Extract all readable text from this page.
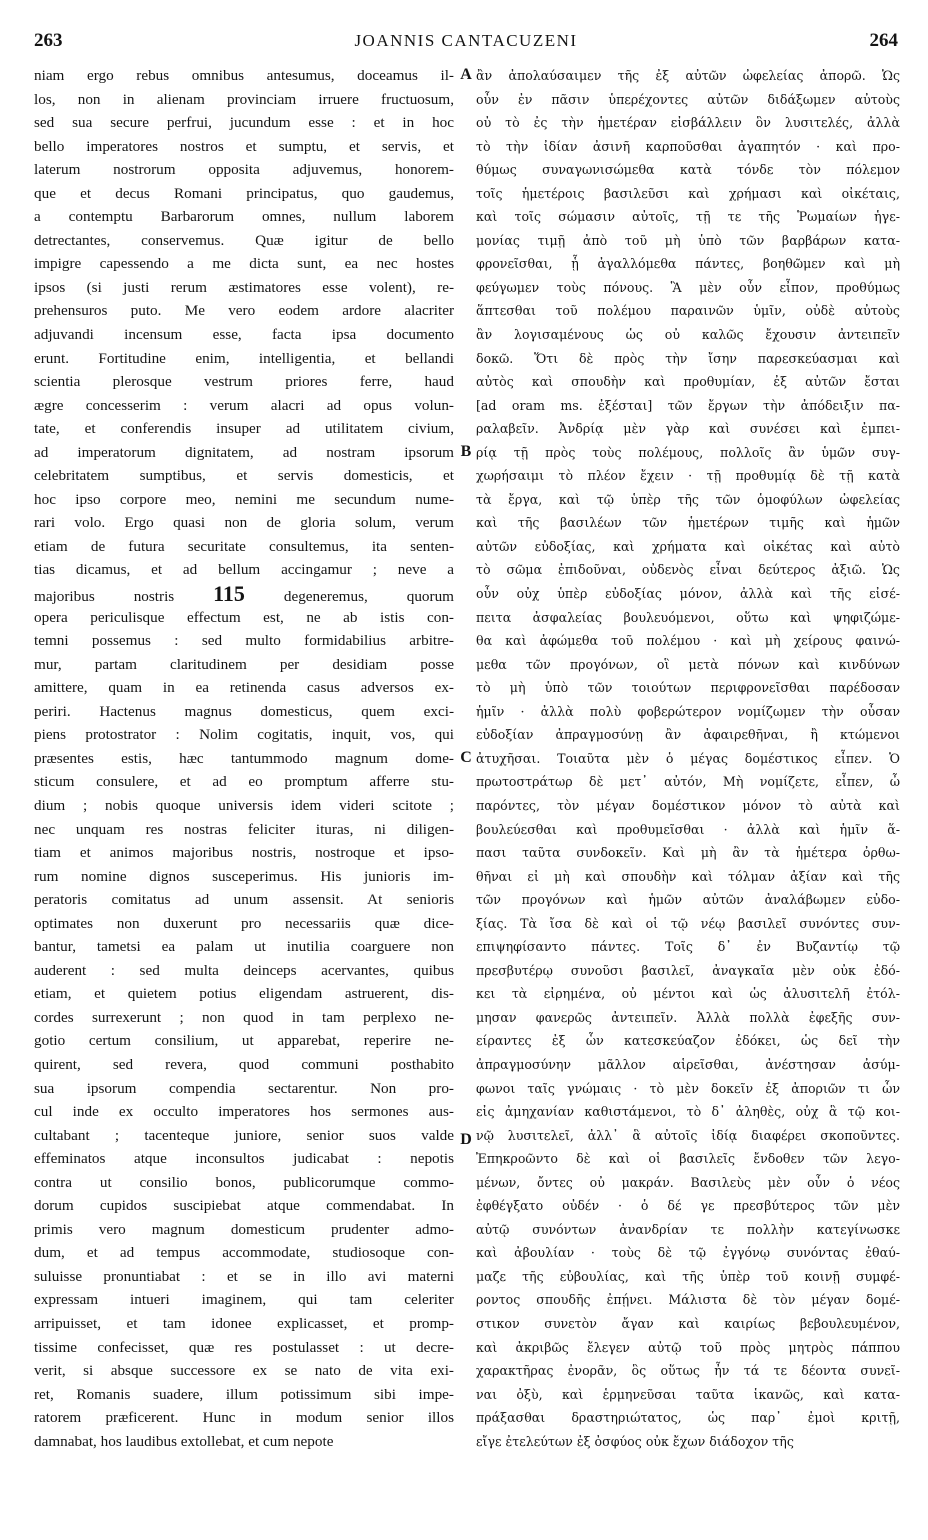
263	JOANNIS CANTACUZENI	264
niam ergo rebus omnibus antesumus, doceamus il-
los, non in alienam provinciam irruere fructuosum,
sed sua secure perfrui, jucundum esse : et in hoc
bello imperatores nostros et sumptu, et servis, et
laterum nostrorum opposita adjuvemus, honorem-
que et decus Romani principatus, quo gaudemus,
a contemptu Barbarorum omnes, nullum laborem
detrectantes, conservemus. Quæ igitur de bello
impigre capessendo a me dicta sunt, ea nec hostes
ipsos (si justi rerum æstimatores esse volent), re-
prehensuros puto. Me vero eodem ardore alacriter
adjuvandi incensum esse, facta ipsa documento
erunt. Fortitudine enim, intelligentia, et bellandi
scientia plerosque vestrum priores ferre, haud
ægre concesserim : verum alacri ad opus volun-
tate, et conferendis insuper ad utilitatem civium,
ad imperatorum dignitatem, ad nostram ipsorum
celebritatem sumptibus, et servis domesticis, et
hoc ipso corpore meo, nemini me secundum nume-
rari volo. Ergo quasi non de gloria solum, verum
etiam de futura securitate consultemus, ita senten-
tias dicamus, et ad bellum accingamur ; neve a
majoribus nostris 115 degeneremus, quorum
opera periculisque effectum est, ne ab istis con-
temni possemus : sed multo formidabilius arbitre-
mur, partam claritudinem per desidiam posse
amittere, quam in ea retinenda casus adversos ex-
periri. Hactenus magnus domesticus, quem exci-
piens protostrator : Nolim cogitatis, inquit, vos, qui
præsentes estis, hæc tantummodo magnum dome-
sticum consulere, et ad eo promptum afferre stu-
dium ; nobis quoque universis idem videri scitote ;
nec unquam res nostras feliciter ituras, ni diligen-
tiam et animos majoribus nostris, nostroque et ipso-
rum nomine dignos susceperimus. His junioris im-
peratoris comitatus ad unum assensit. At senioris
optimates non duxerunt pro necessariis quæ dice-
bantur, tametsi ea palam ut inutilia coarguere non
auderent : sed multa deinceps acervantes, quibus
etiam, et quietem potius eligendam astruerent, dis-
cordes surrexerunt ; non quod in tam perplexo ne-
gotio certum consilium, ut apparebat, reperire ne-
quirent, sed revera, quod communi posthabito
sua ipsorum compendia sectarentur. Non pro-
cul inde ex occulto imperatores hos sermones aus-
cultabant ; tacenteque juniore, senior suos valde
effeminatos atque inconsultos judicabat : nepotis
contra ut consilio bonos, publicorumque commo-
dorum cupidos suscipiebat atque commendabat. In
primis vero magnum domesticum prudenter admo-
dum, et ad tempus accommodate, studiosoque con-
suluisse pronuntiabat : et se in illo avi materni
expressam intueri imaginem, qui tam celeriter
arripuisset, et tam idonee explicasset, et promp-
tissime confecisset, quæ res postulasset : ut decre-
verit, si absque successore ex se nato de vita exi-
ret, Romanis suadere, illum potissimum sibi impe-
ratorem præficerent. Hunc in modum senior illos
damnabat, hos laudibus extollebat, et cum nepote
ἂν ἀπολαύσαιμεν τῆς ἐξ αὐτῶν ὠφελείας ἀπορῶ. Ὡς
οὖν ἐν πᾶσιν ὑπερέχοντες αὐτῶν διδάξωμεν αὐτοὺς
οὐ τὸ ἐς τὴν ἡμετέραν εἰσβάλλειν ὃν λυσιτελές, ἀλλὰ
τὸ τὴν ἰδίαν ἀσινῆ καρποῦσθαι ἀγαπητόν · καὶ προ-
θύμως συναγωνισώμεθα κατὰ τόνδε τὸν πόλεμον
τοῖς ἡμετέροις βασιλεῦσι καὶ χρήμασι καὶ οἰκέταις,
καὶ τοῖς σώμασιν αὐτοῖς, τῇ τε τῆς Ῥωμαίων ἡγε-
μονίας τιμῇ ἀπὸ τοῦ μὴ ὑπὸ τῶν βαρβάρων κατα-
φρονεῖσθαι, ᾗ ἀγαλλόμεθα πάντες, βοηθῶμεν καὶ μὴ
φεύγωμεν τοὺς πόνους. Ἃ μὲν οὖν εἶπον, προθύμως
ἅπτεσθαι τοῦ πολέμου παραινῶν ὑμῖν, οὐδὲ αὐτοὺς
ἂν λογισαμένους ὡς οὐ καλῶς ἔχουσιν ἀντειπεῖν
δοκῶ. Ὅτι δὲ πρὸς τὴν ἴσην παρεσκεύασμαι καὶ
αὐτὸς καὶ σπουδὴν καὶ προθυμίαν, ἐξ αὐτῶν ἔσται
[ad oram ms. ἐξέσται] τῶν ἔργων τὴν ἀπόδειξιν πα-
ραλαβεῖν. Ἀνδρίᾳ μὲν γὰρ καὶ συνέσει καὶ ἐμπει-
ρίᾳ τῇ πρὸς τοὺς πολέμους, πολλοῖς ἂν ὑμῶν συγ-
χωρήσαιμι τὸ πλέον ἔχειν · τῇ προθυμίᾳ δὲ τῇ κατὰ
τὰ ἔργα, καὶ τῷ ὑπὲρ τῆς τῶν ὁμοφύλων ὠφελείας
καὶ τῆς βασιλέων τῶν ἡμετέρων τιμῆς καὶ ἡμῶν
αὐτῶν εὐδοξίας, καὶ χρήματα καὶ οἰκέτας καὶ αὐτὸ
τὸ σῶμα ἐπιδοῦναι, οὐδενὸς εἶναι δεύτερος ἀξιῶ. Ὡς
οὖν οὐχ ὑπὲρ εὐδοξίας μόνον, ἀλλὰ καὶ τῆς εἰσέ-
πειτα ἀσφαλείας βουλευόμενοι, οὕτω καὶ ψηφιζώμε-
θα καὶ ἀφώμεθα τοῦ πολέμου · καὶ μὴ χείρους φαινώ-
μεθα τῶν προγόνων, οἳ μετὰ πόνων καὶ κινδύνων
τὸ μὴ ὑπὸ τῶν τοιούτων περιφρονεῖσθαι παρέδοσαν
ἡμῖν · ἀλλὰ πολὺ φοβερώτερον νομίζωμεν τὴν οὖσαν
εὐδοξίαν ἀπραγμοσύνῃ ἂν ἀφαιρεθῆναι, ἢ κτώμενοι
ἀτυχῆσαι. Τοιαῦτα μὲν ὁ μέγας δομέστικος εἶπεν. Ὁ
πρωτοστράτωρ δὲ μετ᾽ αὐτόν, Μὴ νομίζετε, εἶπεν, ὦ
παρόντες, τὸν μέγαν δομέστικον μόνον τὸ αὐτὰ καὶ
βουλεύεσθαι καὶ προθυμεῖσθαι · ἀλλὰ καὶ ἡμῖν ἅ-
πασι ταῦτα συνδοκεῖν. Καὶ μὴ ἂν τὰ ἡμέτερα ὀρθω-
θῆναι εἰ μὴ καὶ σπουδὴν καὶ τόλμαν ἀξίαν καὶ τῆς
τῶν προγόνων καὶ ἡμῶν αὐτῶν ἀναλάβωμεν εὐδο-
ξίας. Τὰ ἴσα δὲ καὶ οἱ τῷ νέῳ βασιλεῖ συνόντες συν-
επιψηφίσαντο πάντες. Τοῖς δ᾽ ἐν Βυζαντίῳ τῷ
πρεσβυτέρῳ συνοῦσι βασιλεῖ, ἀναγκαῖα μὲν οὐκ ἐδό-
κει τὰ εἰρημένα, οὐ μέντοι καὶ ὡς ἀλυσιτελῆ ἐτόλ-
μησαν φανερῶς ἀντειπεῖν. Ἀλλὰ πολλὰ ἐφεξῆς συν-
είραντες ἐξ ὧν κατεσκεύαζον ἐδόκει, ὡς δεῖ τὴν
ἀπραγμοσύνην μᾶλλον αἱρεῖσθαι, ἀνέστησαν ἀσύμ-
φωνοι ταῖς γνώμαις · τὸ μὲν δοκεῖν ἐξ ἀποριῶν τι ὧν
εἰς ἀμηχανίαν καθιστάμενοι, τὸ δ᾽ ἀληθὲς, οὐχ ἃ τῷ κοι-
νῷ λυσιτελεῖ, ἀλλ᾽ ἃ αὐτοῖς ἰδίᾳ διαφέρει σκοποῦντες.
Ἐπηκροῶντο δὲ καὶ οἱ βασιλεῖς ἔνδοθεν τῶν λεγο-
μένων, ὄντες οὐ μακράν. Βασιλεὺς μὲν οὖν ὁ νέος
ἐφθέγξατο οὐδέν · ὁ δέ γε πρεσβύτερος τῶν μὲν
αὐτῷ συνόντων ἀνανδρίαν τε πολλὴν κατεγίνωσκε
καὶ ἀβουλίαν · τοὺς δὲ τῷ ἐγγόνῳ συνόντας ἐθαύ-
μαζε τῆς εὐβουλίας, καὶ τῆς ὑπὲρ τοῦ κοινῇ συμφέ-
ροντος σπουδῆς ἐπῄνει. Μάλιστα δὲ τὸν μέγαν δομέ-
στικον συνετὸν ἄγαν καὶ καιρίως βεβουλευμένον,
καὶ ἀκριβῶς ἔλεγεν αὐτῷ τοῦ πρὸς μητρὸς πάππου
χαρακτῆρας ἐνορᾶν, ὃς οὕτως ἦν τά τε δέοντα συνεῖ-
ναι ὀξὺ, καὶ ἑρμηνεῦσαι ταῦτα ἱκανῶς, καὶ κατα-
πράξασθαι δραστηριώτατος, ὡς παρ᾽ ἐμοὶ κριτῇ,
εἴγε ἐτελεύτων ἐξ ὀσφύος οὐκ ἔχων διάδοχον τῆς
A
B
C
D
